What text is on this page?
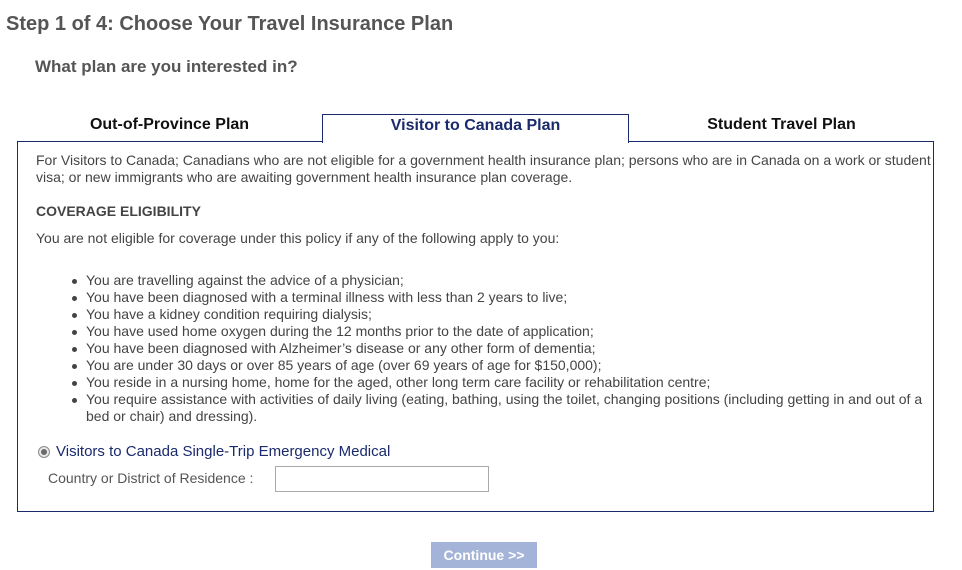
Step 1 of 4: Choose Your Travel Insurance Plan
What plan are you interested in?
Out-of-Province Plan	Visitor to Canada Plan	Student Travel Plan

For Visitors to Canada; Canadians who are not eligible for a government health insurance plan; persons who are in Canada on a work or student visa; or new immigrants who are awaiting government health insurance plan coverage.

COVERAGE ELIGIBILITY

You are not eligible for coverage under this policy if any of the following apply to you:

You are travelling against the advice of a physician;
You have been diagnosed with a terminal illness with less than 2 years to live;
You have a kidney condition requiring dialysis;
You have used home oxygen during the 12 months prior to the date of application;
You have been diagnosed with Alzheimer’s disease or any other form of dementia;
You are under 30 days or over 85 years of age (over 69 years of age for $150,000);
You reside in a nursing home, home for the aged, other long term care facility or rehabilitation centre;
You require assistance with activities of daily living (eating, bathing, using the toilet, changing positions (including getting in and out of a bed or chair) and dressing).
Visitors to Canada Single-Trip Emergency Medical
Country or District of Residence :
Continue >>
